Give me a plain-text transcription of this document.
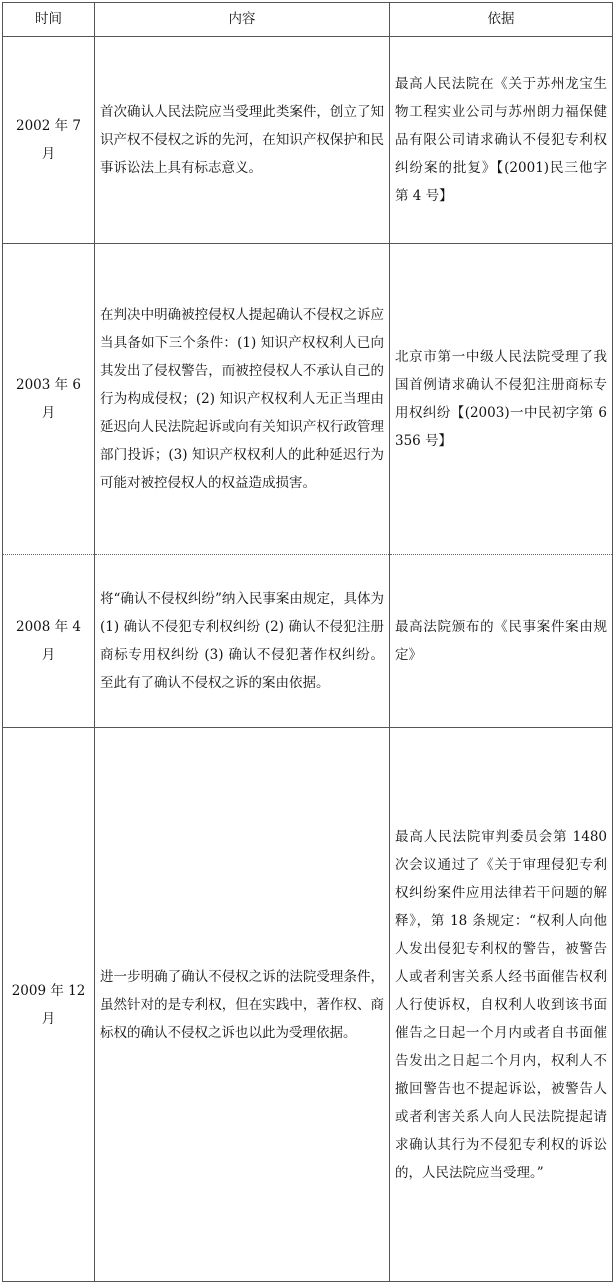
时间	内容	依据
2002 年 7 月	首次确认人民法院应当受理此类案件，创立了知识产权不侵权之诉的先河，在知识产权保护和民事诉讼法上具有标志意义。	最高人民法院在《关于苏州龙宝生物工程实业公司与苏州朗力福保健品有限公司请求确认不侵犯专利权纠纷案的批复》【(2001)民三他字第 4 号】
2003 年 6 月	在判决中明确被控侵权人提起确认不侵权之诉应当具备如下三个条件：(1) 知识产权权利人已向其发出了侵权警告，而被控侵权人不承认自己的行为构成侵权；(2) 知识产权权利人无正当理由延迟向人民法院起诉或向有关知识产权行政管理部门投诉；(3) 知识产权权利人的此种延迟行为可能对被控侵权人的权益造成损害。	北京市第一中级人民法院受理了我国首例请求确认不侵犯注册商标专用权纠纷【(2003)一中民初字第 6356 号】
2008 年 4 月	将“确认不侵权纠纷”纳入民事案由规定，具体为 (1) 确认不侵犯专利权纠纷 (2) 确认不侵犯注册商标专用权纠纷 (3) 确认不侵犯著作权纠纷。至此有了确认不侵权之诉的案由依据。	最高法院颁布的《民事案件案由规定》
2009 年 12 月	进一步明确了确认不侵权之诉的法院受理条件，虽然针对的是专利权，但在实践中，著作权、商标权的确认不侵权之诉也以此为受理依据。	最高人民法院审判委员会第 1480 次会议通过了《关于审理侵犯专利权纠纷案件应用法律若干问题的解释》，第 18 条规定：“权利人向他人发出侵犯专利权的警告，被警告人或者利害关系人经书面催告权利人行使诉权，自权利人收到该书面催告之日起一个月内或者自书面催告发出之日起二个月内，权利人不撤回警告也不提起诉讼，被警告人或者利害关系人向人民法院提起请求确认其行为不侵犯专利权的诉讼的，人民法院应当受理。”
